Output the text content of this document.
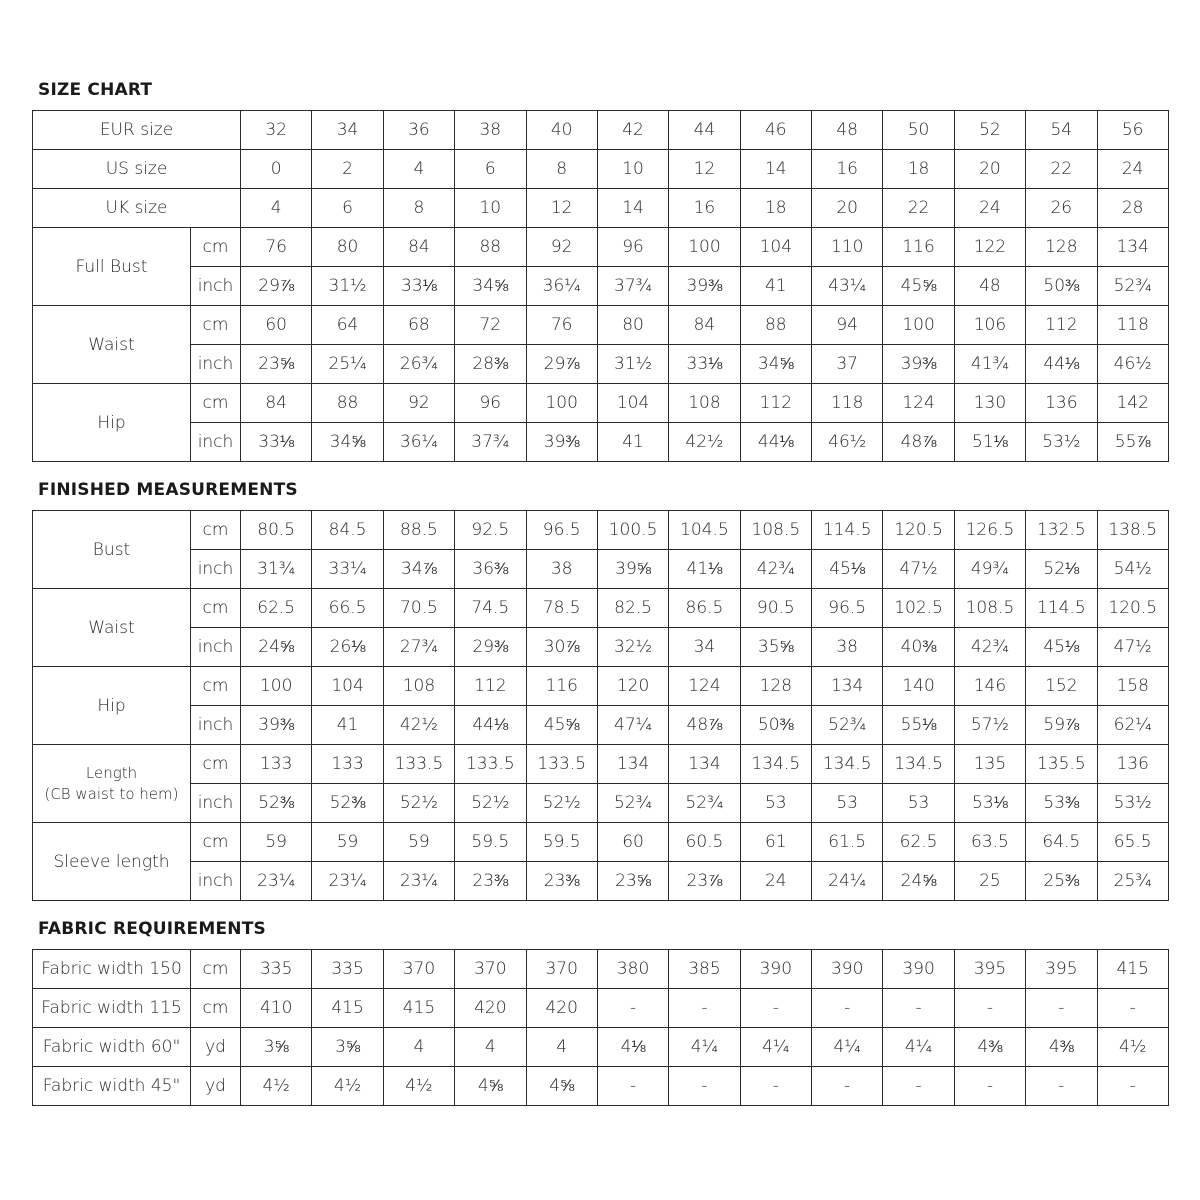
SIZE CHART
EUR size		32	34	36	38	40	42	44	46	48	50	52	54	56
US size		0	2	4	6	8	10	12	14	16	18	20	22	24
UK size		4	6	8	10	12	14	16	18	20	22	24	26	28
Full Bust	cm	76	80	84	88	92	96	100	104	110	116	122	128	134
	inch	29⅞	31½	33⅛	34⅝	36¼	37¾	39⅜	41	43¼	45⅝	48	50⅜	52¾
Waist	cm	60	64	68	72	76	80	84	88	94	100	106	112	118
	inch	23⅝	25¼	26¾	28⅜	29⅞	31½	33⅛	34⅝	37	39⅜	41¾	44⅛	46½
Hip	cm	84	88	92	96	100	104	108	112	118	124	130	136	142
	inch	33⅛	34⅝	36¼	37¾	39⅜	41	42½	44⅛	46½	48⅞	51⅛	53½	55⅞
FINISHED MEASUREMENTS
Bust	cm	80.5	84.5	88.5	92.5	96.5	100.5	104.5	108.5	114.5	120.5	126.5	132.5	138.5
	inch	31¾	33¼	34⅞	36⅜	38	39⅝	41⅛	42¾	45⅛	47½	49¾	52⅛	54½
Waist	cm	62.5	66.5	70.5	74.5	78.5	82.5	86.5	90.5	96.5	102.5	108.5	114.5	120.5
	inch	24⅝	26⅛	27¾	29⅜	30⅞	32½	34	35⅝	38	40⅜	42¾	45⅛	47½
Hip	cm	100	104	108	112	116	120	124	128	134	140	146	152	158
	inch	39⅜	41	42½	44⅛	45⅝	47¼	48⅞	50⅜	52¾	55⅛	57½	59⅞	62¼
Length
(CB waist to hem)	cm	133	133	133.5	133.5	133.5	134	134	134.5	134.5	134.5	135	135.5	136
	inch	52⅜	52⅜	52½	52½	52½	52¾	52¾	53	53	53	53⅛	53⅜	53½
Sleeve length	cm	59	59	59	59.5	59.5	60	60.5	61	61.5	62.5	63.5	64.5	65.5
	inch	23¼	23¼	23¼	23⅜	23⅜	23⅝	23⅞	24	24¼	24⅝	25	25⅜	25¾
FABRIC REQUIREMENTS
Fabric width 150	cm	335	335	370	370	370	380	385	390	390	390	395	395	415
Fabric width 115	cm	410	415	415	420	420	-	-	-	-	-	-	-	-
Fabric width 60"	yd	3⅝	3⅝	4	4	4	4⅛	4¼	4¼	4¼	4¼	4⅜	4⅜	4½
Fabric width 45"	yd	4½	4½	4½	4⅝	4⅝	-	-	-	-	-	-	-	-
